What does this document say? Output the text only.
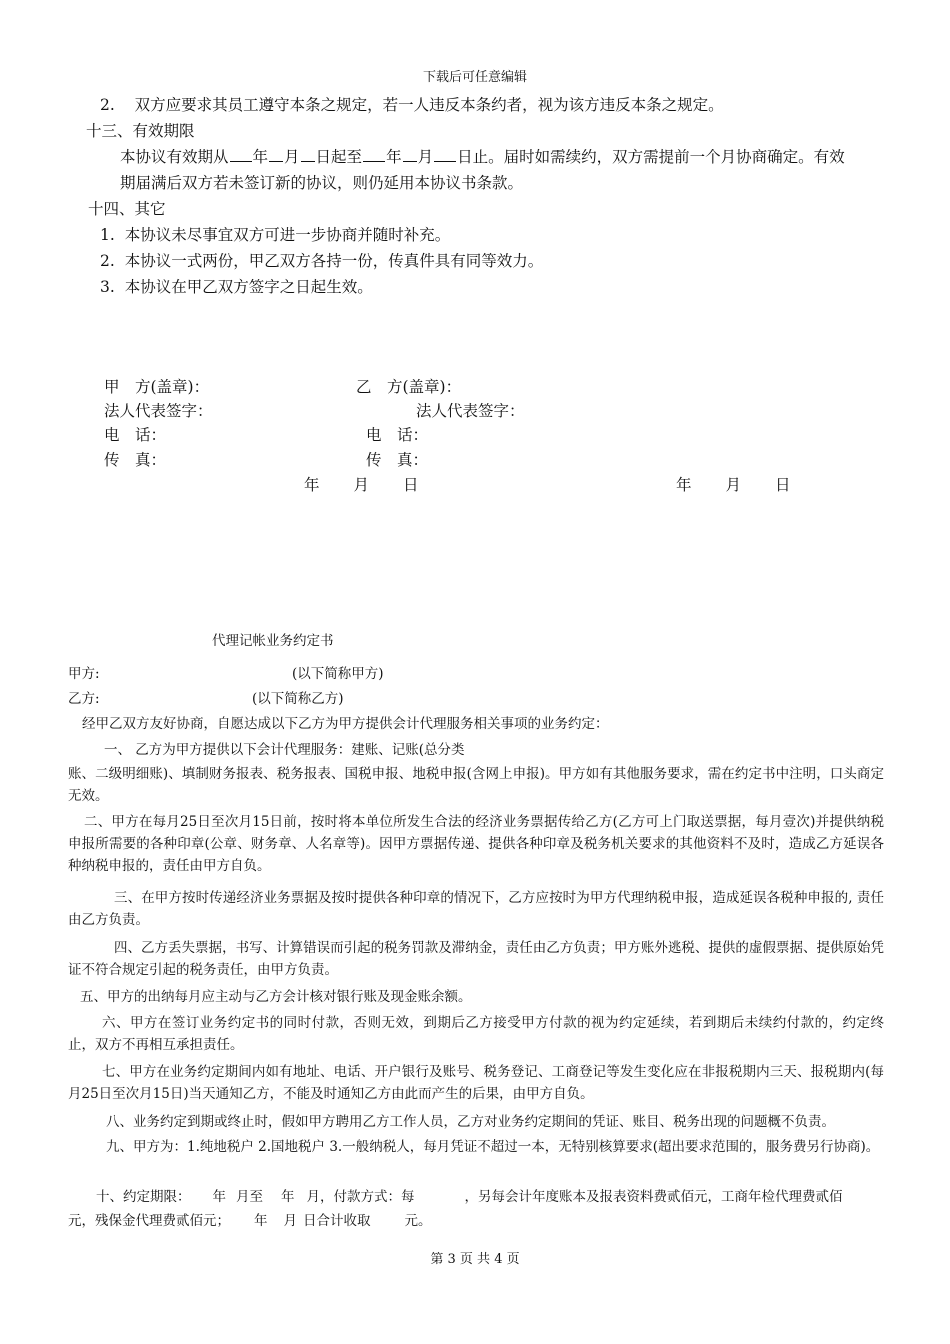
下载后可任意编辑
2. 双方应要求其员工遵守本条之规定，若一人违反本条约者，视为该方违反本条之规定。
十三、有效期限
本协议有效期从 年 月 日起至 年 月 日止。届时如需续约，双方需提前一个月协商确定。有效
期届满后双方若未签订新的协议，则仍延用本协议书条款。
十四、其它
1. 本协议未尽事宜双方可进一步协商并随时补充。
2. 本协议一式两份，甲乙双方各持一份，传真件具有同等效力。
3. 本协议在甲乙双方签字之日起生效。
甲　方(盖章)：	乙　方(盖章)：
法人代表签字：	法人代表签字：
电　话：	电　话：
传　真：	传　真：
年 月 日	年 月 日
代理记帐业务约定书
甲方:	(以下简称甲方)
乙方:	(以下简称乙方)
经甲乙双方友好协商，自愿达成以下乙方为甲方提供会计代理服务相关事项的业务约定：
一、 乙方为甲方提供以下会计代理服务：建账、记账(总分类
账、二级明细账)、填制财务报表、税务报表、国税申报、地税申报(含网上申报)。甲方如有其他服务要求，需在约定书中注明，口头商定无效。
二、甲方在每月25日至次月15日前，按时将本单位所发生合法的经济业务票据传给乙方(乙方可上门取送票据，每月壹次)并提供纳税申报所需要的各种印章(公章、财务章、人名章等)。因甲方票据传递、提供各种印章及税务机关要求的其他资料不及时，造成乙方延误各种纳税申报的，责任由甲方自负。
三、在甲方按时传递经济业务票据及按时提供各种印章的情况下，乙方应按时为甲方代理纳税申报，造成延误各税种申报的, 责任由乙方负责。
四、乙方丢失票据，书写、计算错误而引起的税务罚款及滞纳金，责任由乙方负责；甲方账外逃税、提供的虚假票据、提供原始凭证不符合规定引起的税务责任，由甲方负责。
五、甲方的出纳每月应主动与乙方会计核对银行账及现金账余额。
六、甲方在签订业务约定书的同时付款，否则无效，到期后乙方接受甲方付款的视为约定延续，若到期后未续约付款的，约定终止，双方不再相互承担责任。
七、甲方在业务约定期间内如有地址、电话、开户银行及账号、税务登记、工商登记等发生变化应在非报税期内三天、报税期内(每月25日至次月15日)当天通知乙方，不能及时通知乙方由此而产生的后果，由甲方自负。
八、业务约定到期或终止时，假如甲方聘用乙方工作人员，乙方对业务约定期间的凭证、账目、税务出现的问题概不负责。
九、甲方为：1.纯地税户 2.国地税户 3.一般纳税人，每月凭证不超过一本，无特别核算要求(超出要求范围的，服务费另行协商)。
十、约定期限： 年 月至 年 月，付款方式：每	，另每会计年度账本及报表资料费贰佰元，工商年检代理费贰佰
元，残保金代理费贰佰元； 年 月 日合计收取	元。
第 3 页 共 4 页
